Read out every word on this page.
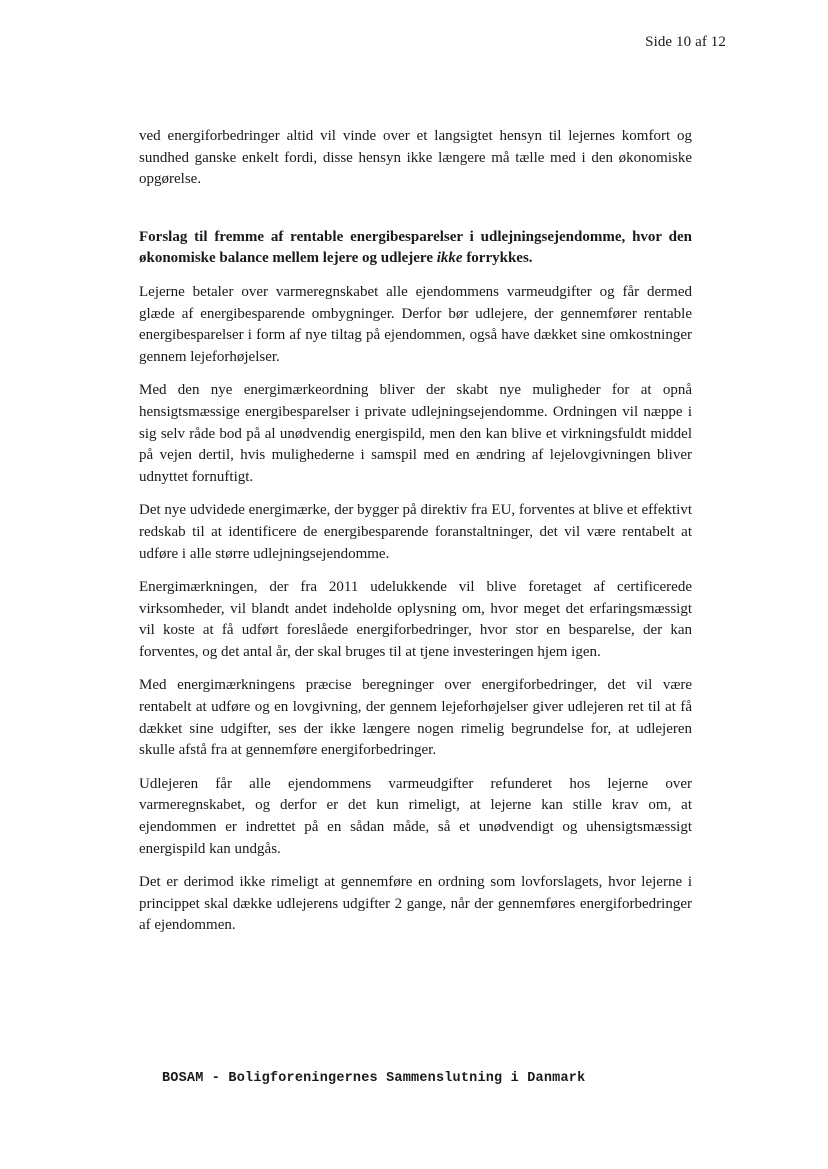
Side 10 af 12

ved energiforbedringer altid vil vinde over et langsigtet hensyn til lejernes komfort og sundhed ganske enkelt fordi, disse hensyn ikke længere må tælle med i den økonomiske opgørelse.

Forslag til fremme af rentable energibesparelser i udlejningsejendomme, hvor den økonomiske balance mellem lejere og udlejere ikke forrykkes.

Lejerne betaler over varmeregnskabet alle ejendommens varmeudgifter og får dermed glæde af energibesparende ombygninger. Derfor bør udlejere, der gennemfører rentable energibesparelser i form af nye tiltag på ejendommen, også have dækket sine omkostninger gennem lejeforhøjelser.

Med den nye energimærkeordning bliver der skabt nye muligheder for at opnå hensigtsmæssige energibesparelser i private udlejningsejendomme. Ordningen vil næppe i sig selv råde bod på al unødvendig energispild, men den kan blive et virkningsfuldt middel på vejen dertil, hvis mulighederne i samspil med en ændring af lejelovgivningen bliver udnyttet fornuftigt.

Det nye udvidede energimærke, der bygger på direktiv fra EU, forventes at blive et effektivt redskab til at identificere de energibesparende foranstaltninger, det vil være rentabelt at udføre i alle større udlejningsejendomme.

Energimærkningen, der fra 2011 udelukkende vil blive foretaget af certificerede virksomheder, vil blandt andet indeholde oplysning om, hvor meget det erfaringsmæssigt vil koste at få udført foreslåede energiforbedringer, hvor stor en besparelse, der kan forventes, og det antal år, der skal bruges til at tjene investeringen hjem igen.

Med energimærkningens præcise beregninger over energiforbedringer, det vil være rentabelt at udføre og en lovgivning, der gennem lejeforhøjelser giver udlejeren ret til at få dækket sine udgifter, ses der ikke længere nogen rimelig begrundelse for, at udlejeren skulle afstå fra at gennemføre energiforbedringer.

Udlejeren får alle ejendommens varmeudgifter refunderet hos lejerne over varmeregnskabet, og derfor er det kun rimeligt, at lejerne kan stille krav om, at ejendommen er indrettet på en sådan måde, så et unødvendigt og uhensigtsmæssigt energispild kan undgås.

Det er derimod ikke rimeligt at gennemføre en ordning som lovforslagets, hvor lejerne i princippet skal dække udlejerens udgifter 2 gange, når der gennemføres energiforbedringer af ejendommen.

BOSAM - Boligforeningernes Sammenslutning i Danmark
